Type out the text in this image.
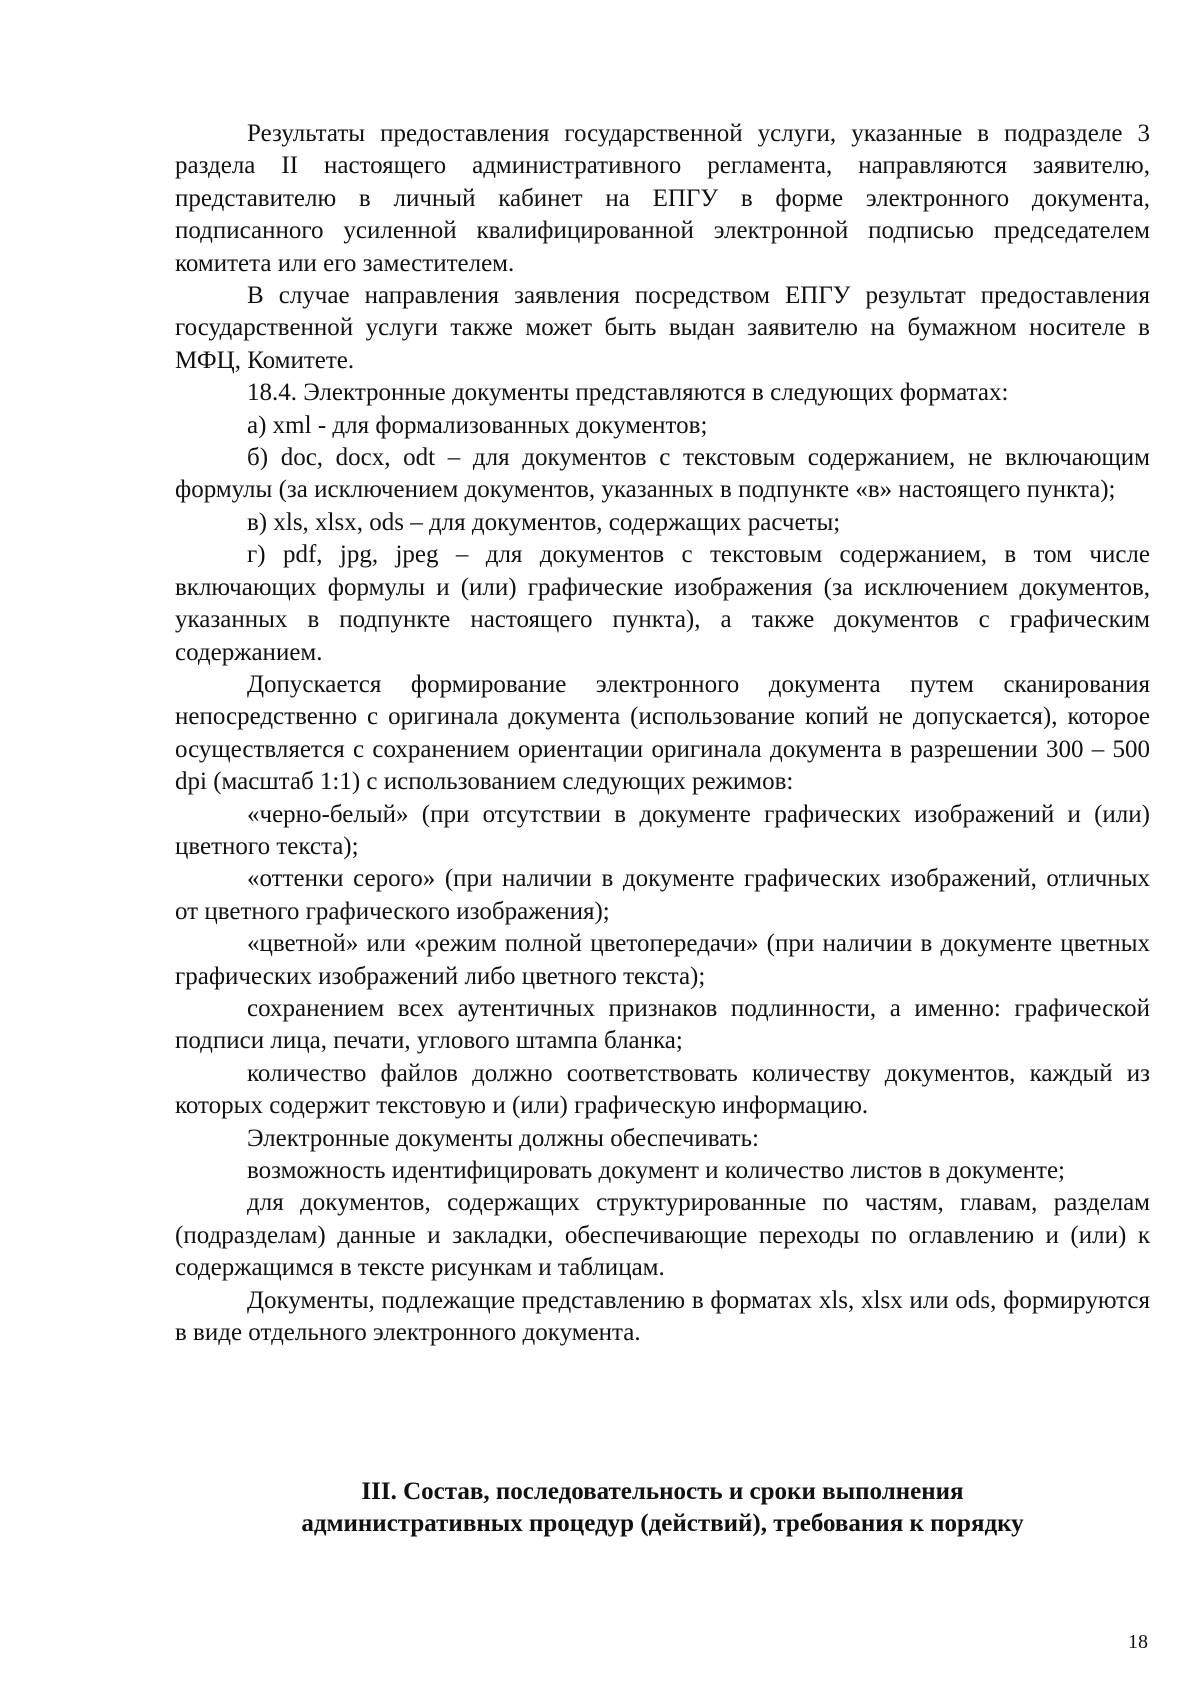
Результаты предоставления государственной услуги, указанные в подразделе 3 раздела II настоящего административного регламента, направляются заявителю, представителю в личный кабинет на ЕПГУ в форме электронного документа, подписанного усиленной квалифицированной электронной подписью председателем комитета или его заместителем.

В случае направления заявления посредством ЕПГУ результат предоставления государственной услуги также может быть выдан заявителю на бумажном носителе в МФЦ, Комитете.

18.4. Электронные документы представляются в следующих форматах:

а) xml - для формализованных документов;

б) doc, docx, odt – для документов с текстовым содержанием, не включающим формулы (за исключением документов, указанных в подпункте «в» настоящего пункта);

в) xls, xlsx, ods – для документов, содержащих расчеты;

г) pdf, jpg, jpeg – для документов с текстовым содержанием, в том числе включающих формулы и (или) графические изображения (за исключением документов, указанных в подпункте настоящего пункта), а также документов с графическим содержанием.

Допускается формирование электронного документа путем сканирования непосредственно с оригинала документа (использование копий не допускается), которое осуществляется с сохранением ориентации оригинала документа в разрешении 300 – 500 dpi (масштаб 1:1) с использованием следующих режимов:

«черно-белый» (при отсутствии в документе графических изображений и (или) цветного текста);

«оттенки серого» (при наличии в документе графических изображений, отличных от цветного графического изображения);

«цветной» или «режим полной цветопередачи» (при наличии в документе цветных графических изображений либо цветного текста);

сохранением всех аутентичных признаков подлинности, а именно: графической подписи лица, печати, углового штампа бланка;

количество файлов должно соответствовать количеству документов, каждый из которых содержит текстовую и (или) графическую информацию.

Электронные документы должны обеспечивать:

возможность идентифицировать документ и количество листов в документе;

для документов, содержащих структурированные по частям, главам, разделам (подразделам) данные и закладки, обеспечивающие переходы по оглавлению и (или) к содержащимся в тексте рисункам и таблицам.

Документы, подлежащие представлению в форматах xls, xlsx или ods, формируются в виде отдельного электронного документа.

III. Состав, последовательность и сроки выполнения
административных процедур (действий), требования к порядку
18
